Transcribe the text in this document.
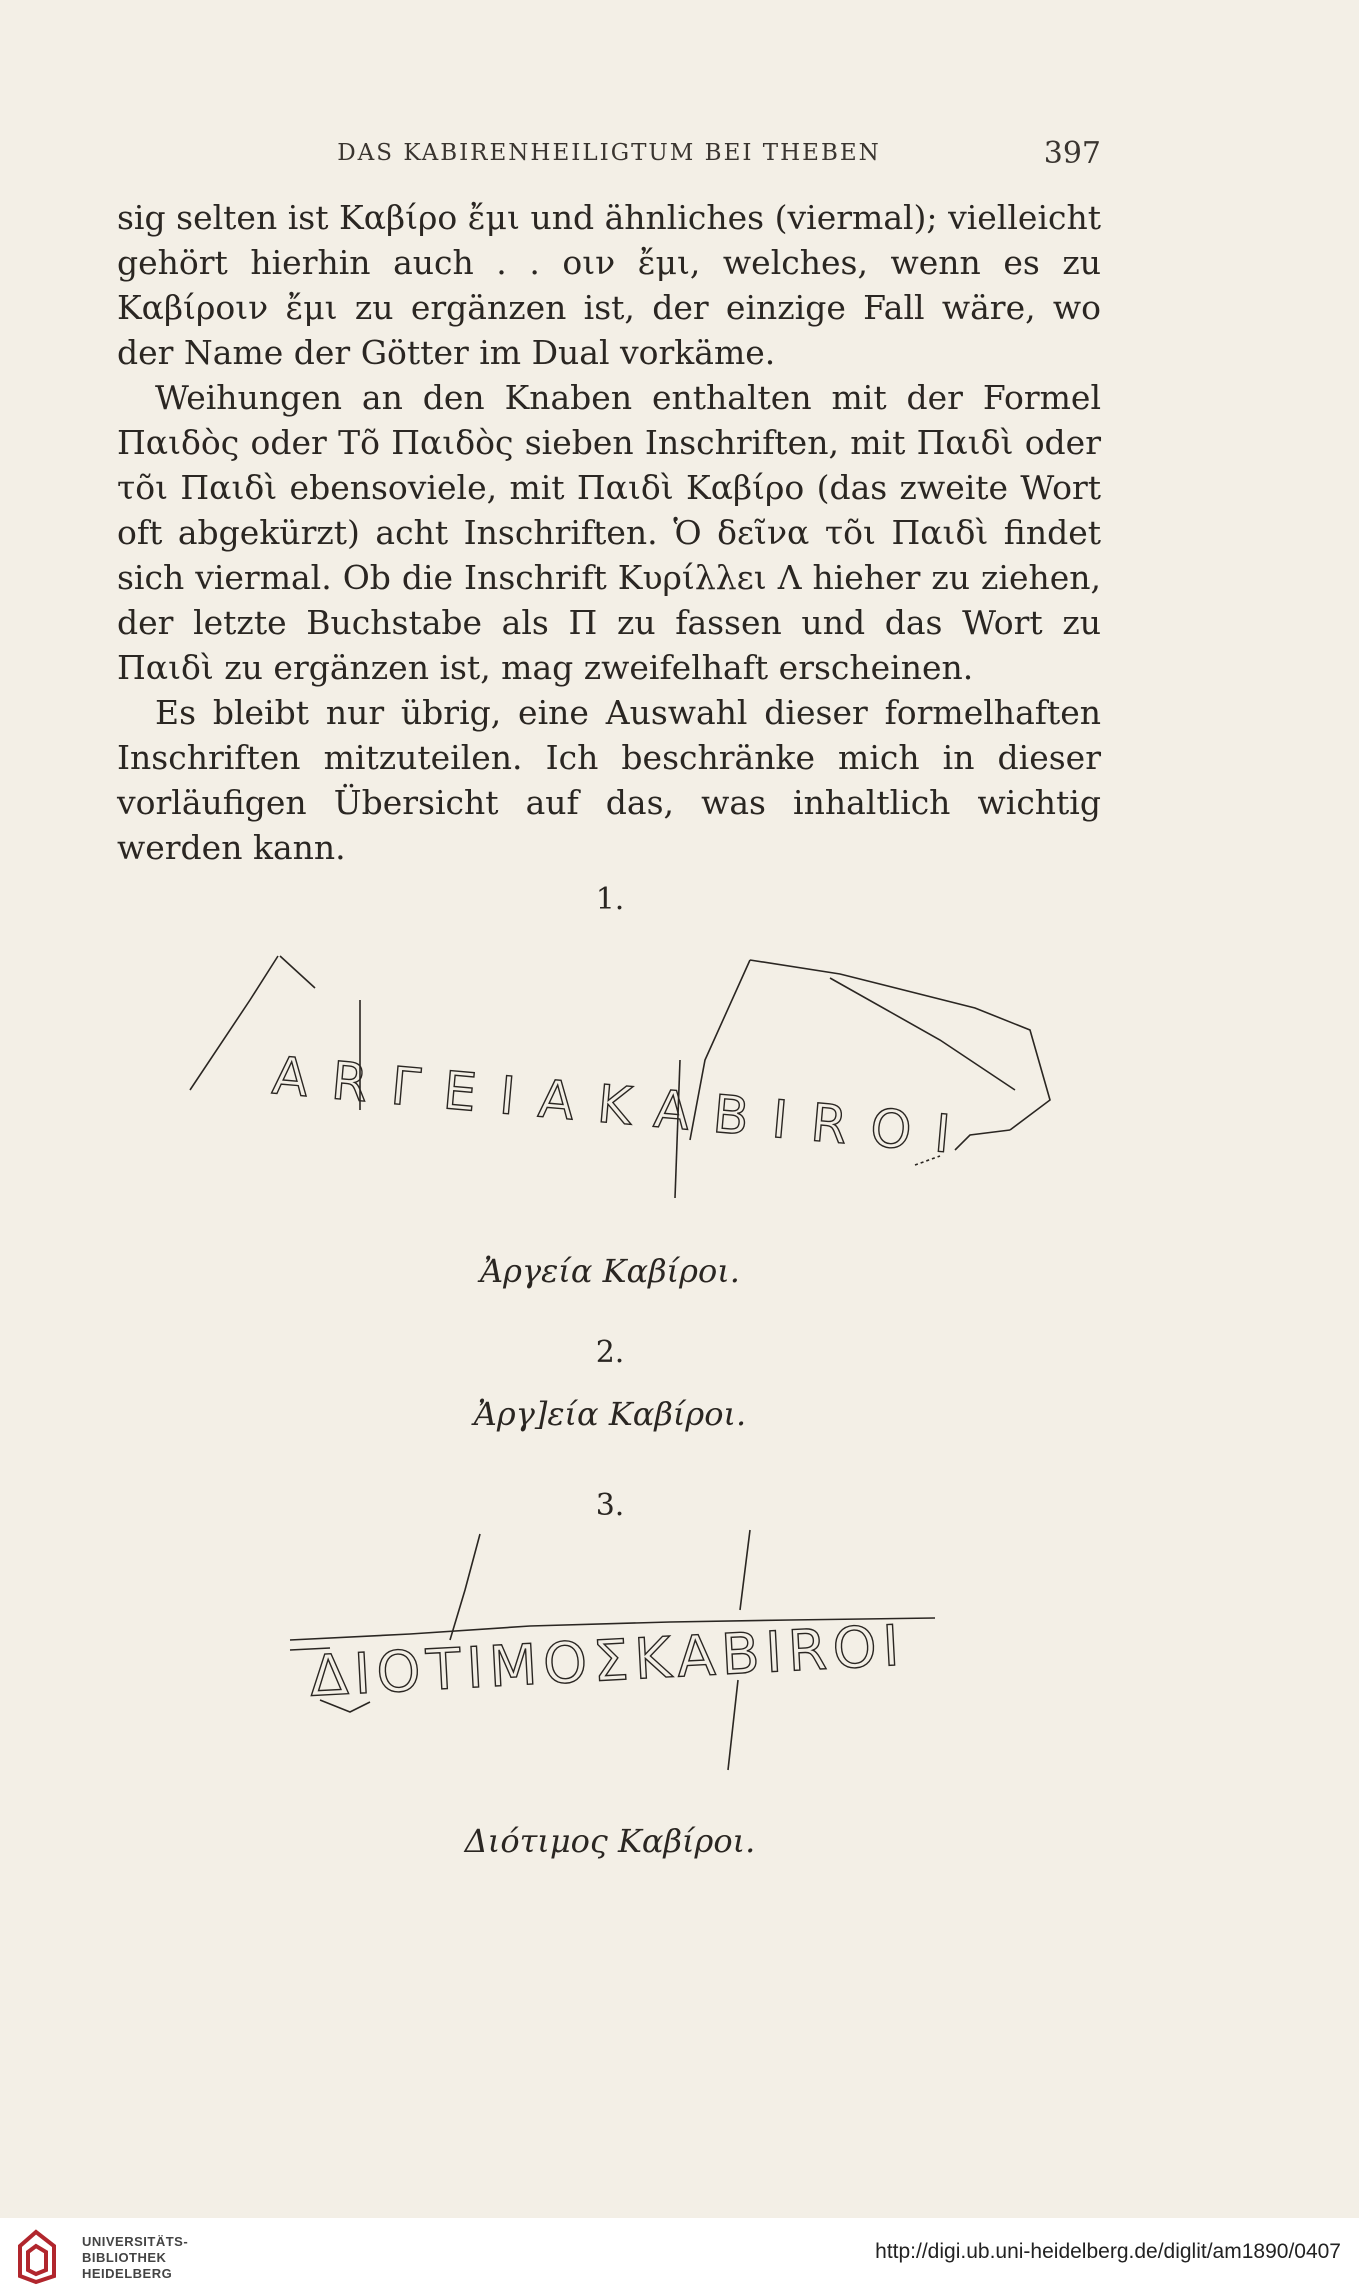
DAS KABIRENHEILIGTUM BEI THEBEN	397

sig selten ist Καβίρο ἔμι und ähnliches (viermal); vielleicht gehört hierhin auch . . οιν ἔμι, welches, wenn es zu Καβίροιν ἔμι zu ergänzen ist, der einzige Fall wäre, wo der Name der Götter im Dual vorkäme.

Weihungen an den Knaben enthalten mit der Formel Παιδὸς oder Τõ Παιδὸς sieben Inschriften, mit Παιδὶ oder τõι Παιδὶ ebensoviele, mit Παιδὶ Καβίρο (das zweite Wort oft abgekürzt) acht Inschriften. Ὁ δεῖνα τõι Παιδὶ findet sich viermal. Ob die Inschrift Κυρίλλει Λ hieher zu ziehen, der letzte Buchstabe als Π zu fassen und das Wort zu Παιδὶ zu ergänzen ist, mag zweifelhaft erscheinen.

Es bleibt nur übrig, eine Auswahl dieser formelhaften Inschriften mitzuteilen. Ich beschränke mich in dieser vorläufigen Übersicht auf das, was inhaltlich wichtig werden kann.

1.
ARΓEIAKABIROI
Ἀργεία Καβίροι.
2.
Ἀργ]εία Καβίροι.
3.
ΔΙΟΤΙΜΟΣΚΑΒΙRΟΙ
Διότιμος Καβίροι.
UNIVERSITÄTS-
BIBLIOTHEK
HEIDELBERG
http://digi.ub.uni-heidelberg.de/diglit/am1890/0407
